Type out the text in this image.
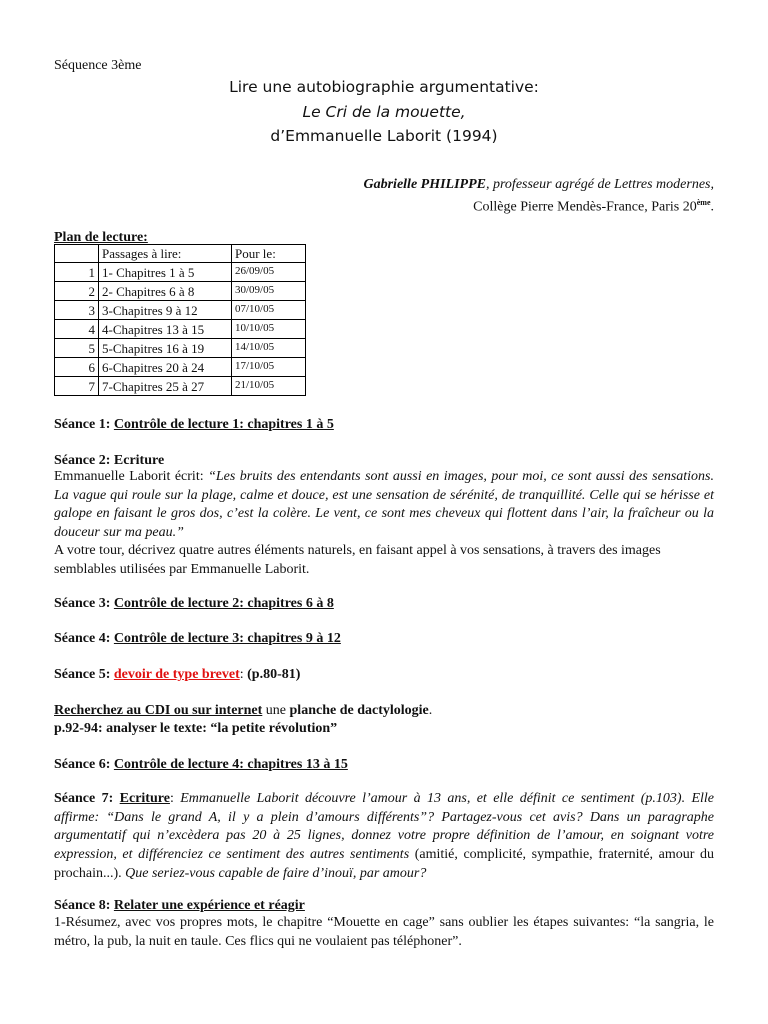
Séquence 3ème
Lire une autobiographie argumentative:
Le Cri de la mouette,
d’Emmanuelle Laborit (1994)
Gabrielle PHILIPPE, professeur agrégé de Lettres modernes,
Collège Pierre Mendès-France, Paris 20ème.
Plan de lecture:
	Passages à lire:	Pour le:
1	1- Chapitres 1 à 5	26/09/05
2	2- Chapitres 6 à 8	30/09/05
3	3-Chapitres 9 à 12	07/10/05
4	4-Chapitres 13 à 15	10/10/05
5	5-Chapitres 16 à 19	14/10/05
6	6-Chapitres 20 à 24	17/10/05
7	7-Chapitres 25 à 27	21/10/05
Séance 1: Contrôle de lecture 1: chapitres 1 à 5
Séance 2: Ecriture
Emmanuelle Laborit écrit: “Les bruits des entendants sont aussi en images, pour moi, ce sont aussi des sensations. La vague qui roule sur la plage, calme et douce, est une sensation de sérénité, de tranquillité. Celle qui se hérisse et galope en faisant le gros dos, c’est la colère. Le vent, ce sont mes cheveux qui flottent dans l’air, la fraîcheur ou la douceur sur ma peau.”
A votre tour, décrivez quatre autres éléments naturels, en faisant appel à vos sensations, à travers des images semblables utilisées par Emmanuelle Laborit.
Séance 3: Contrôle de lecture 2: chapitres 6 à 8
Séance 4: Contrôle de lecture 3: chapitres 9 à 12
Séance 5: devoir de type brevet: (p.80-81)
Recherchez au CDI ou sur internet une planche de dactylologie.
p.92-94: analyser le texte: “la petite révolution”
Séance 6: Contrôle de lecture 4: chapitres 13 à 15
Séance 7: Ecriture: Emmanuelle Laborit découvre l’amour à 13 ans, et elle définit ce sentiment (p.103). Elle affirme: “Dans le grand A, il y a plein d’amours différents”? Partagez-vous cet avis? Dans un paragraphe argumentatif qui n’excèdera pas 20 à 25 lignes, donnez votre propre définition de l’amour, en soignant votre expression, et différenciez ce sentiment des autres sentiments (amitié, complicité, sympathie, fraternité, amour du prochain...). Que seriez-vous capable de faire d’inouï, par amour?
Séance 8: Relater une expérience et réagir
1-Résumez, avec vos propres mots, le chapitre “Mouette en cage” sans oublier les étapes suivantes: “la sangria, le métro, la pub, la nuit en taule. Ces flics qui ne voulaient pas téléphoner”.
